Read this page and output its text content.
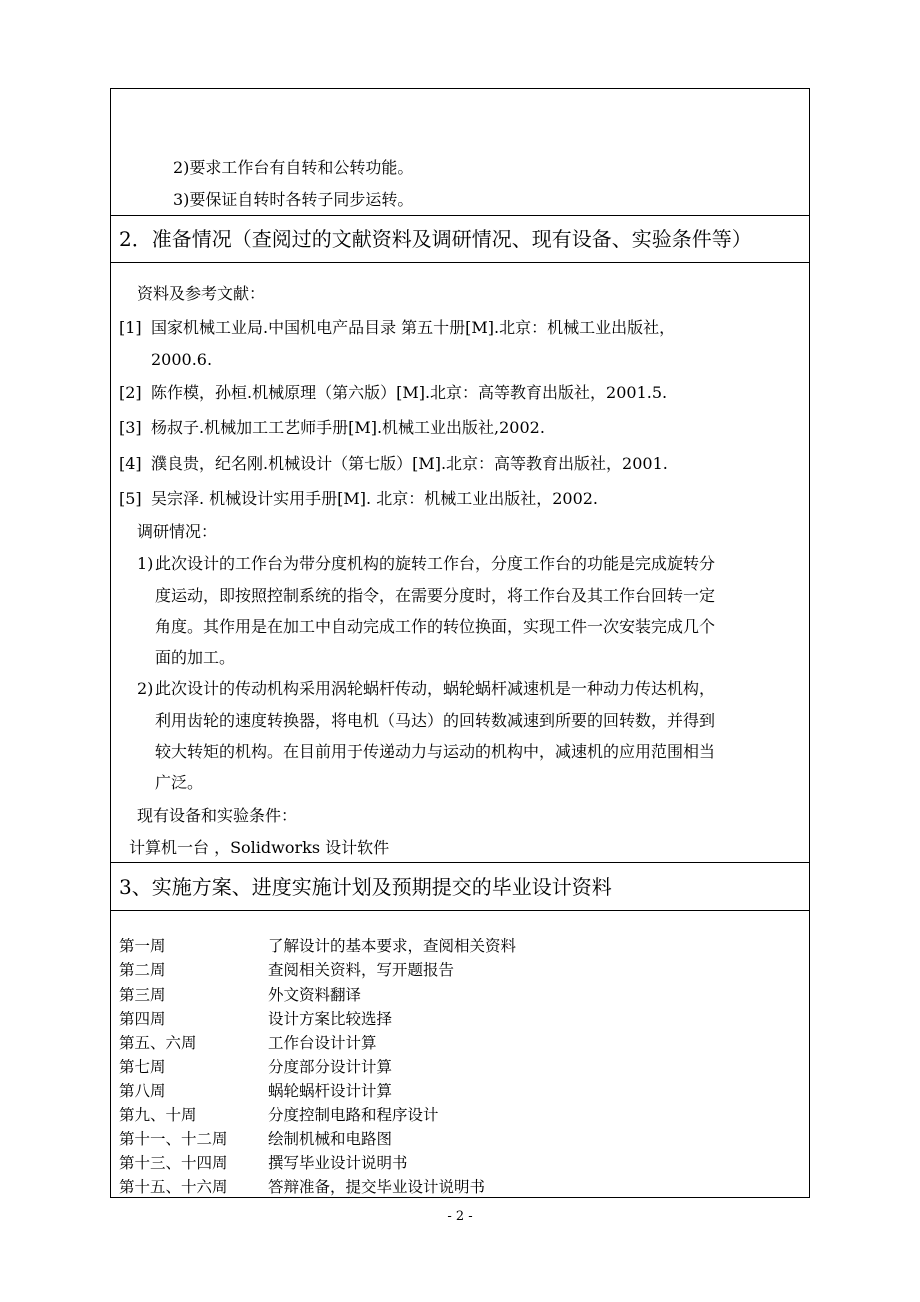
2)要求工作台有自转和公转功能。
3)要保证自转时各转子同步运转。
2．准备情况（查阅过的文献资料及调研情况、现有设备、实验条件等）
资料及参考文献：
[1] 国家机械工业局.中国机电产品目录 第五十册[M].北京：机械工业出版社，
2000.6.
[2] 陈作模，孙桓.机械原理（第六版）[M].北京：高等教育出版社，2001.5.
[3] 杨叔子.机械加工工艺师手册[M].机械工业出版社,2002.
[4] 濮良贵，纪名刚.机械设计（第七版）[M].北京：高等教育出版社，2001.
[5] 吴宗泽. 机械设计实用手册[M]. 北京：机械工业出版社，2002.
调研情况：
1) 此次设计的工作台为带分度机构的旋转工作台，分度工作台的功能是完成旋转分
度运动，即按照控制系统的指令，在需要分度时，将工作台及其工作台回转一定
角度。其作用是在加工中自动完成工作的转位换面，实现工件一次安装完成几个
面的加工。
2) 此次设计的传动机构采用涡轮蜗杆传动，蜗轮蜗杆减速机是一种动力传达机构，
利用齿轮的速度转换器，将电机（马达）的回转数减速到所要的回转数，并得到
较大转矩的机构。在目前用于传递动力与运动的机构中，减速机的应用范围相当
广泛。
现有设备和实验条件：
计算机一台 ，Solidworks 设计软件
3、实施方案、进度实施计划及预期提交的毕业设计资料
第一周	了解设计的基本要求，查阅相关资料
第二周	查阅相关资料，写开题报告
第三周	外文资料翻译
第四周	设计方案比较选择
第五、六周	工作台设计计算
第七周	分度部分设计计算
第八周	蜗轮蜗杆设计计算
第九、十周	分度控制电路和程序设计
第十一、十二周	绘制机械和电路图
第十三、十四周	撰写毕业设计说明书
第十五、十六周	答辩准备，提交毕业设计说明书
- 2 -
